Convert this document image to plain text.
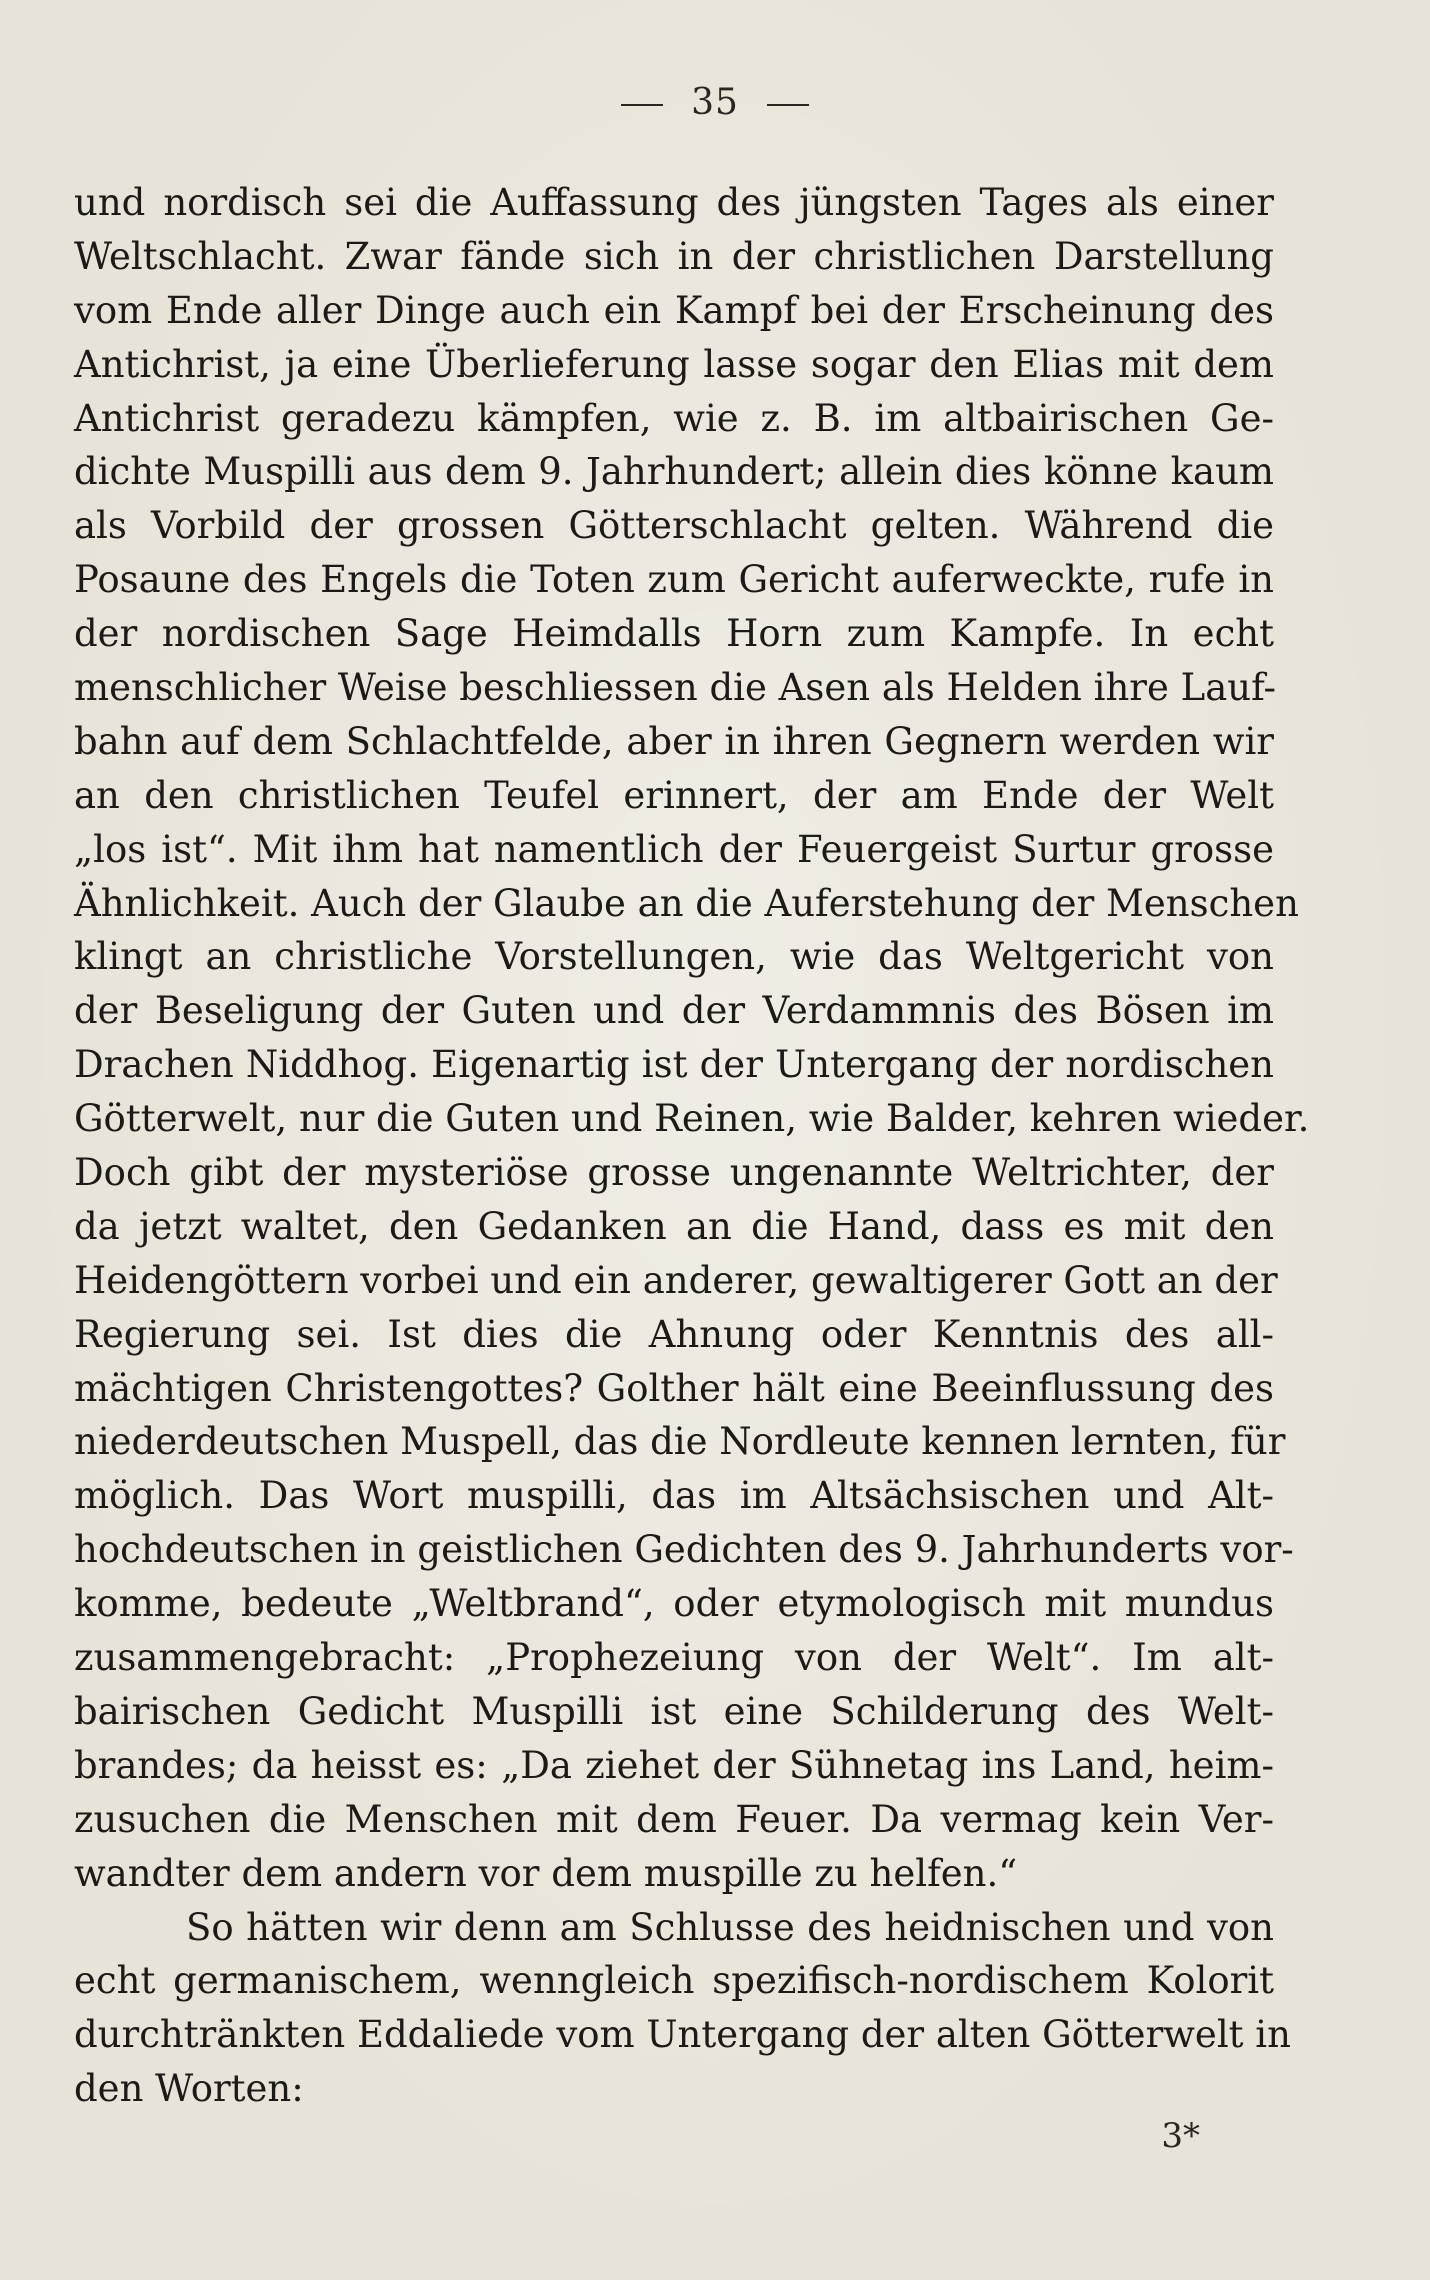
35
und nordisch sei die Auffassung des jüngsten Tages als einer
Weltschlacht. Zwar fände sich in der christlichen Darstellung
vom Ende aller Dinge auch ein Kampf bei der Erscheinung des
Antichrist, ja eine Überlieferung lasse sogar den Elias mit dem
Antichrist geradezu kämpfen, wie z. B. im altbairischen Ge-
dichte Muspilli aus dem 9. Jahrhundert; allein dies könne kaum
als Vorbild der grossen Götterschlacht gelten. Während die
Posaune des Engels die Toten zum Gericht auferweckte, rufe in
der nordischen Sage Heimdalls Horn zum Kampfe. In echt
menschlicher Weise beschliessen die Asen als Helden ihre Lauf-
bahn auf dem Schlachtfelde, aber in ihren Gegnern werden wir
an den christlichen Teufel erinnert, der am Ende der Welt
„los ist“. Mit ihm hat namentlich der Feuergeist Surtur grosse
Ähnlichkeit. Auch der Glaube an die Auferstehung der Menschen
klingt an christliche Vorstellungen, wie das Weltgericht von
der Beseligung der Guten und der Verdammnis des Bösen im
Drachen Niddhog. Eigenartig ist der Untergang der nordischen
Götterwelt, nur die Guten und Reinen, wie Balder, kehren wieder.
Doch gibt der mysteriöse grosse ungenannte Weltrichter, der
da jetzt waltet, den Gedanken an die Hand, dass es mit den
Heidengöttern vorbei und ein anderer, gewaltigerer Gott an der
Regierung sei. Ist dies die Ahnung oder Kenntnis des all-
mächtigen Christengottes? Golther hält eine Beeinflussung des
niederdeutschen Muspell, das die Nordleute kennen lernten, für
möglich. Das Wort muspilli, das im Altsächsischen und Alt-
hochdeutschen in geistlichen Gedichten des 9. Jahrhunderts vor-
komme, bedeute „Weltbrand“, oder etymologisch mit mundus
zusammengebracht: „Prophezeiung von der Welt“. Im alt-
bairischen Gedicht Muspilli ist eine Schilderung des Welt-
brandes; da heisst es: „Da ziehet der Sühnetag ins Land, heim-
zusuchen die Menschen mit dem Feuer. Da vermag kein Ver-
wandter dem andern vor dem muspille zu helfen.“
So hätten wir denn am Schlusse des heidnischen und von
echt germanischem, wenngleich spezifisch-nordischem Kolorit
durchtränkten Eddaliede vom Untergang der alten Götterwelt in
den Worten:
3*
